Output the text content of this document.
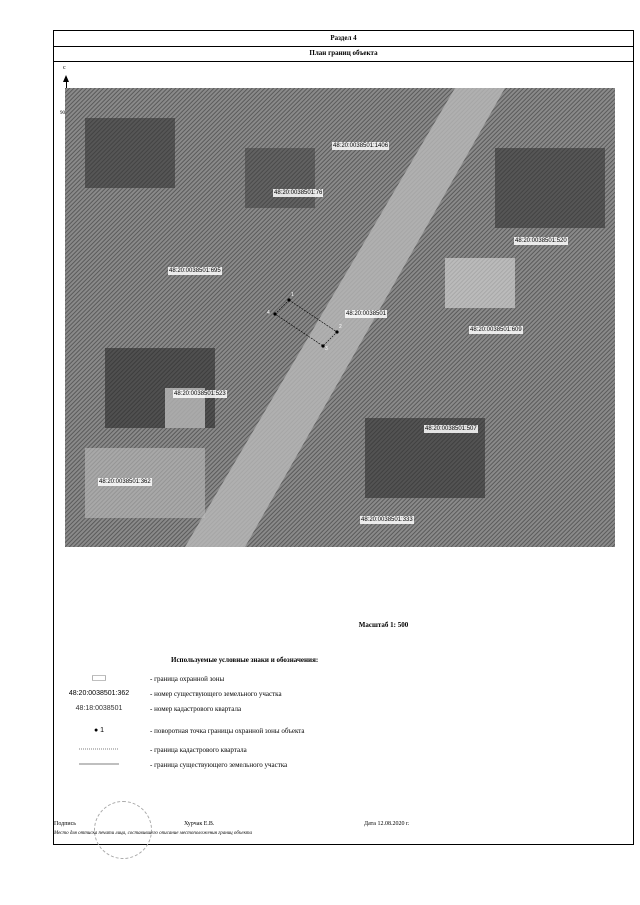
Раздел 4
План границ объекта
с
90
1
2
3
4
48:20:0038501:1406
48:20:0038501:76
48:20:0038501:520
48:20:0038501:695
48:20:0038501
48:20:0038501:609
48:20:0038501:523
48:20:0038501:507
48:20:0038501:362
48:20:0038501:333
Масштаб 1: 500
Используемые условные знаки и обозначения:
- граница охранной зоны
48:20:0038501:362	- номер существующего земельного участка
48:18:0038501	- номер кадастрового квартала
● 1	- поворотная точка границы охранной зоны объекта
- граница кадастрового квартала
- граница существующего земельного участка
Подпись	Хурчак Е.В.	Дата 12.08.2020 г.
Место для оттиска печати лица, составившего описание местоположения границ объекта
